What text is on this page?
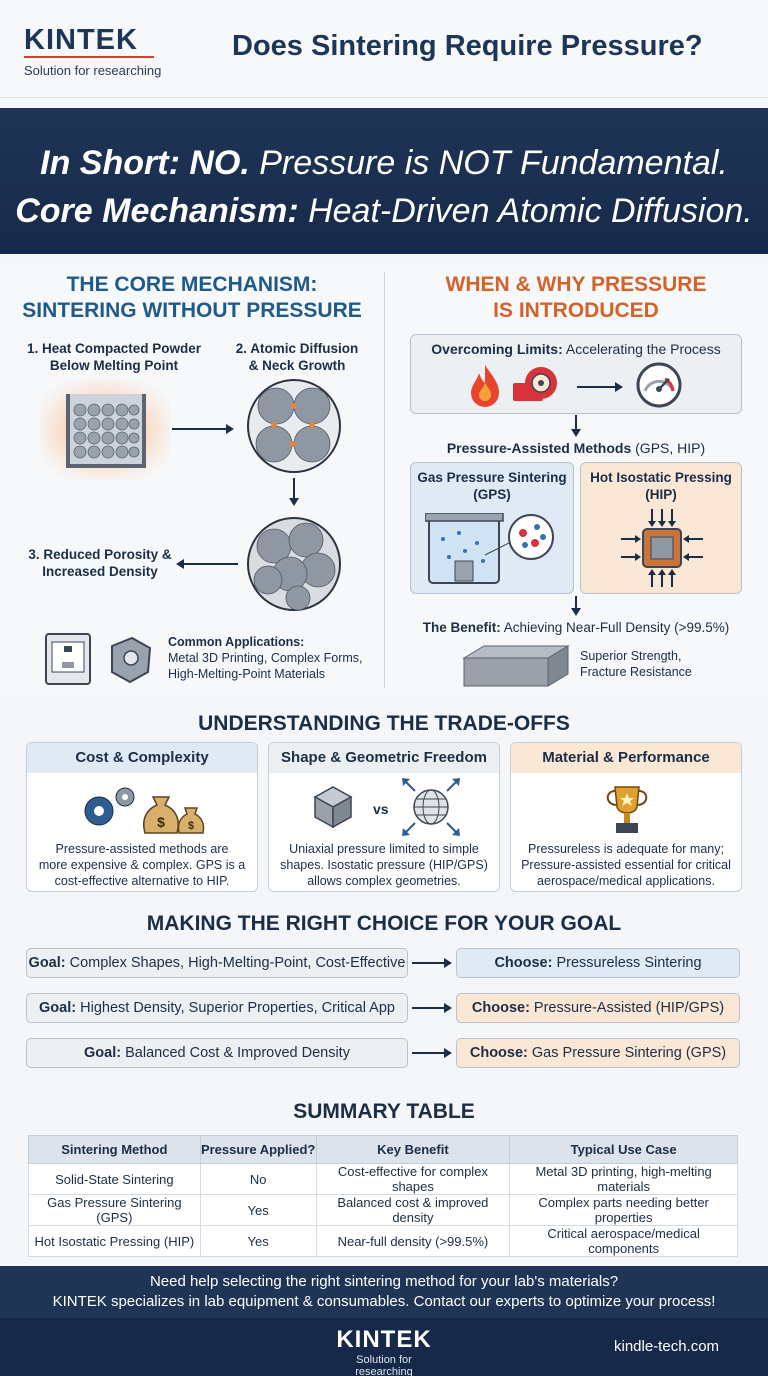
KINTEK
Solution for researching
Does Sintering Require Pressure?
In Short: NO. Pressure is NOT Fundamental.
Core Mechanism: Heat-Driven Atomic Diffusion.
THE CORE MECHANISM:
SINTERING WITHOUT PRESSURE
1. Heat Compacted Powder
Below Melting Point
2. Atomic Diffusion
& Neck Growth
3. Reduced Porosity &
Increased Density
Common Applications:
Metal 3D Printing, Complex Forms,
High-Melting-Point Materials
WHEN & WHY PRESSURE
IS INTRODUCED
Overcoming Limits: Accelerating the Process
Pressure-Assisted Methods (GPS, HIP)
Gas Pressure Sintering
(GPS)
Hot Isostatic Pressing
(HIP)
The Benefit: Achieving Near-Full Density (>99.5%)
Superior Strength,
Fracture Resistance
UNDERSTANDING THE TRADE-OFFS
Cost & Complexity
$ $
Pressure-assisted methods are
more expensive & complex. GPS is a
cost-effective alternative to HIP.
Shape & Geometric Freedom
vs
Uniaxial pressure limited to simple
shapes. Isostatic pressure (HIP/GPS)
allows complex geometries.
Material & Performance
Pressureless is adequate for many;
Pressure-assisted essential for critical
aerospace/medical applications.
MAKING THE RIGHT CHOICE FOR YOUR GOAL
Goal: Complex Shapes, High-Melting-Point, Cost-Effective	Choose: Pressureless Sintering
Goal: Highest Density, Superior Properties, Critical App	Choose: Pressure-Assisted (HIP/GPS)
Goal: Balanced Cost & Improved Density	Choose: Gas Pressure Sintering (GPS)
SUMMARY TABLE
Sintering Method	Pressure Applied?	Key Benefit	Typical Use Case
Solid-State Sintering	No	Cost-effective for complex shapes	Metal 3D printing, high-melting materials
Gas Pressure Sintering (GPS)	Yes	Balanced cost & improved density	Complex parts needing better properties
Hot Isostatic Pressing (HIP)	Yes	Near-full density (>99.5%)	Critical aerospace/medical components
Need help selecting the right sintering method for your lab's materials?
KINTEK specializes in lab equipment & consumables. Contact our experts to optimize your process!
KINTEK
Solution for researching
kindle-tech.com
